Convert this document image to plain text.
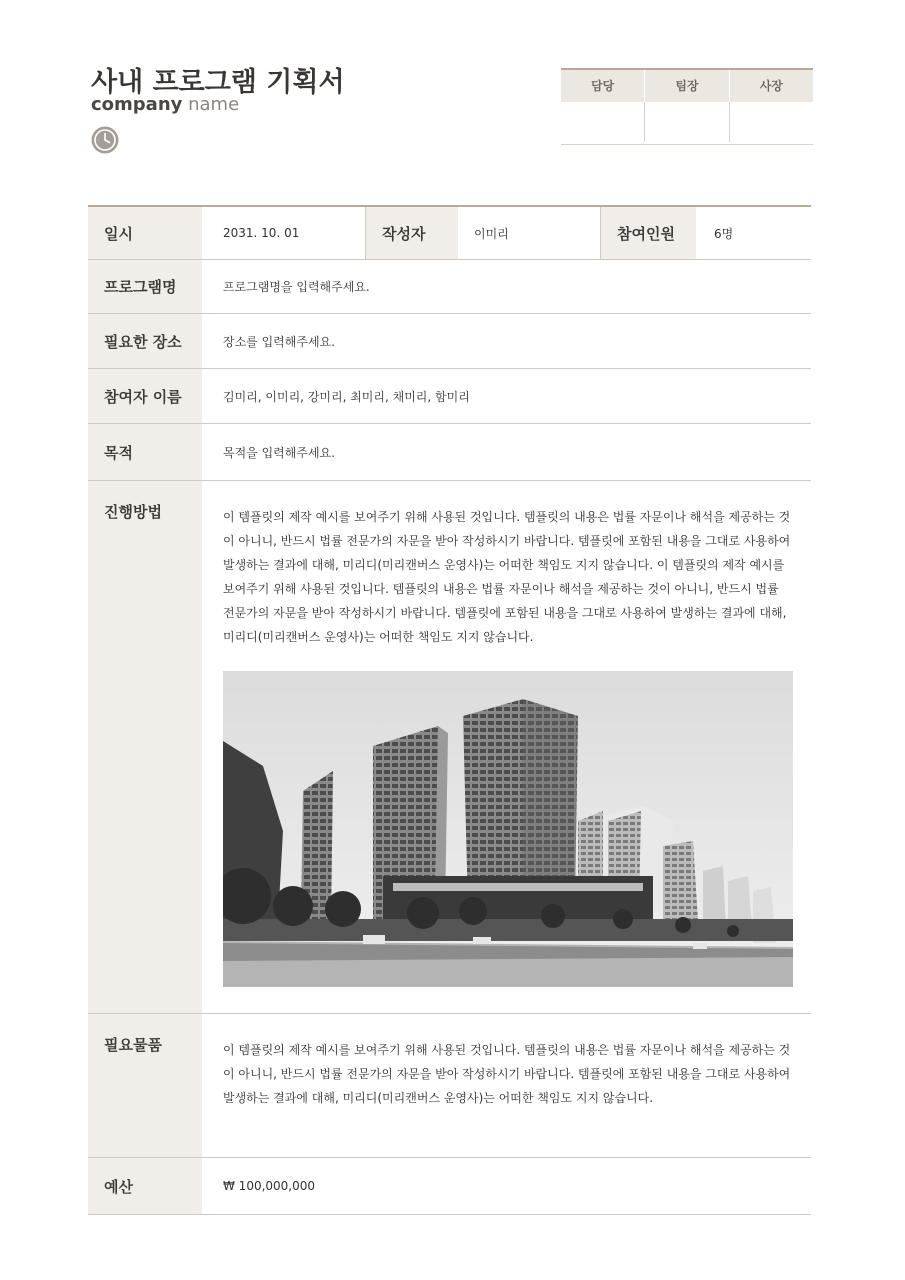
사내 프로그램 기획서
company name
담당	팀장	사장
일시	2031. 10. 01	작성자	이미리	참여인원	6명
프로그램명	프로그램명을 입력해주세요.
필요한 장소	장소를 입력해주세요.
참여자 이름	김미리, 이미리, 강미리, 최미리, 채미리, 함미리
목적	목적을 입력해주세요.
진행방법	이 템플릿의 제작 예시를 보여주기 위해 사용된 것입니다. 템플릿의 내용은 법률 자문이나 해석을 제공하는 것이 아니니, 반드시 법률 전문가의 자문을 받아 작성하시기 바랍니다. 템플릿에 포함된 내용을 그대로 사용하여 발생하는 결과에 대해, 미리디(미리캔버스 운영사)는 어떠한 책임도 지지 않습니다. 이 템플릿의 제작 예시를 보여주기 위해 사용된 것입니다. 템플릿의 내용은 법률 자문이나 해석을 제공하는 것이 아니니, 반드시 법률 전문가의 자문을 받아 작성하시기 바랍니다. 템플릿에 포함된 내용을 그대로 사용하여 발생하는 결과에 대해, 미리디(미리캔버스 운영사)는 어떠한 책임도 지지 않습니다.

필요물품	이 템플릿의 제작 예시를 보여주기 위해 사용된 것입니다. 템플릿의 내용은 법률 자문이나 해석을 제공하는 것이 아니니, 반드시 법률 전문가의 자문을 받아 작성하시기 바랍니다. 템플릿에 포함된 내용을 그대로 사용하여 발생하는 결과에 대해, 미리디(미리캔버스 운영사)는 어떠한 책임도 지지 않습니다.

예산	₩ 100,000,000
